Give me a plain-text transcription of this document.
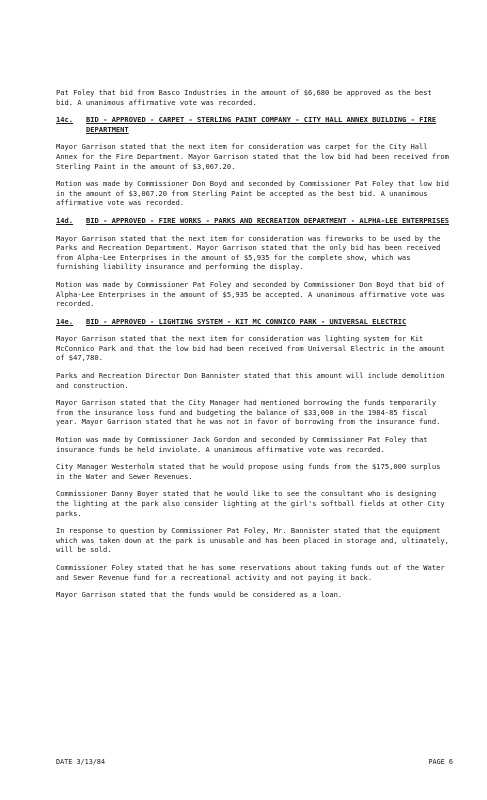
Pat Foley that bid from Basco Industries in the amount of $6,680 be approved as the best bid. A unanimous affirmative vote was recorded.

14c.	BID - APPROVED - CARPET - STERLING PAINT COMPANY - CITY HALL ANNEX BUILDING - FIRE DEPARTMENT

Mayor Garrison stated that the next item for consideration was carpet for the City Hall Annex for the Fire Department. Mayor Garrison stated that the low bid had been received from Sterling Paint in the amount of $3,067.20.

Motion was made by Commissioner Don Boyd and seconded by Commissioner Pat Foley that low bid in the amount of $3,067.20 from Sterling Paint be accepted as the best bid. A unanimous affirmative vote was recorded.

14d.	BID - APPROVED - FIRE WORKS - PARKS AND RECREATION DEPARTMENT - ALPHA-LEE ENTERPRISES

Mayor Garrison stated that the next item for consideration was fireworks to be used by the Parks and Recreation Department. Mayor Garrison stated that the only bid has been received from Alpha-Lee Enterprises in the amount of $5,935 for the complete show, which was furnishing liability insurance and performing the display.

Motion was made by Commissioner Pat Foley and seconded by Commissioner Don Boyd that bid of Alpha-Lee Enterprises in the amount of $5,935 be accepted. A unanimous affirmative vote was recorded.

14e.	BID - APPROVED - LIGHTING SYSTEM - KIT MC CONNICO PARK - UNIVERSAL ELECTRIC

Mayor Garrison stated that the next item for consideration was lighting system for Kit McConnico Park and that the low bid had been received from Universal Electric in the amount of $47,780.

Parks and Recreation Director Don Bannister stated that this amount will include demolition and construction.

Mayor Garrison stated that the City Manager had mentioned borrowing the funds temporarily from the insurance loss fund and budgeting the balance of $33,000 in the 1984-85 fiscal year. Mayor Garrison stated that he was not in favor of borrowing from the insurance fund.

Motion was made by Commissioner Jack Gordon and seconded by Commissioner Pat Foley that insurance funds be held inviolate. A unanimous affirmative vote was recorded.

City Manager Westerholm stated that he would propose using funds from the $175,000 surplus in the Water and Sewer Revenues.

Commissioner Danny Boyer stated that he would like to see the consultant who is designing the lighting at the park also consider lighting at the girl's softball fields at other City parks.

In response to question by Commissioner Pat Foley, Mr. Bannister stated that the equipment which was taken down at the park is unusable and has been placed in storage and, ultimately, will be sold.

Commissioner Foley stated that he has some reservations about taking funds out of the Water and Sewer Revenue fund for a recreational activity and not paying it back.

Mayor Garrison stated that the funds would be considered as a loan.

DATE 3/13/84	PAGE 6
